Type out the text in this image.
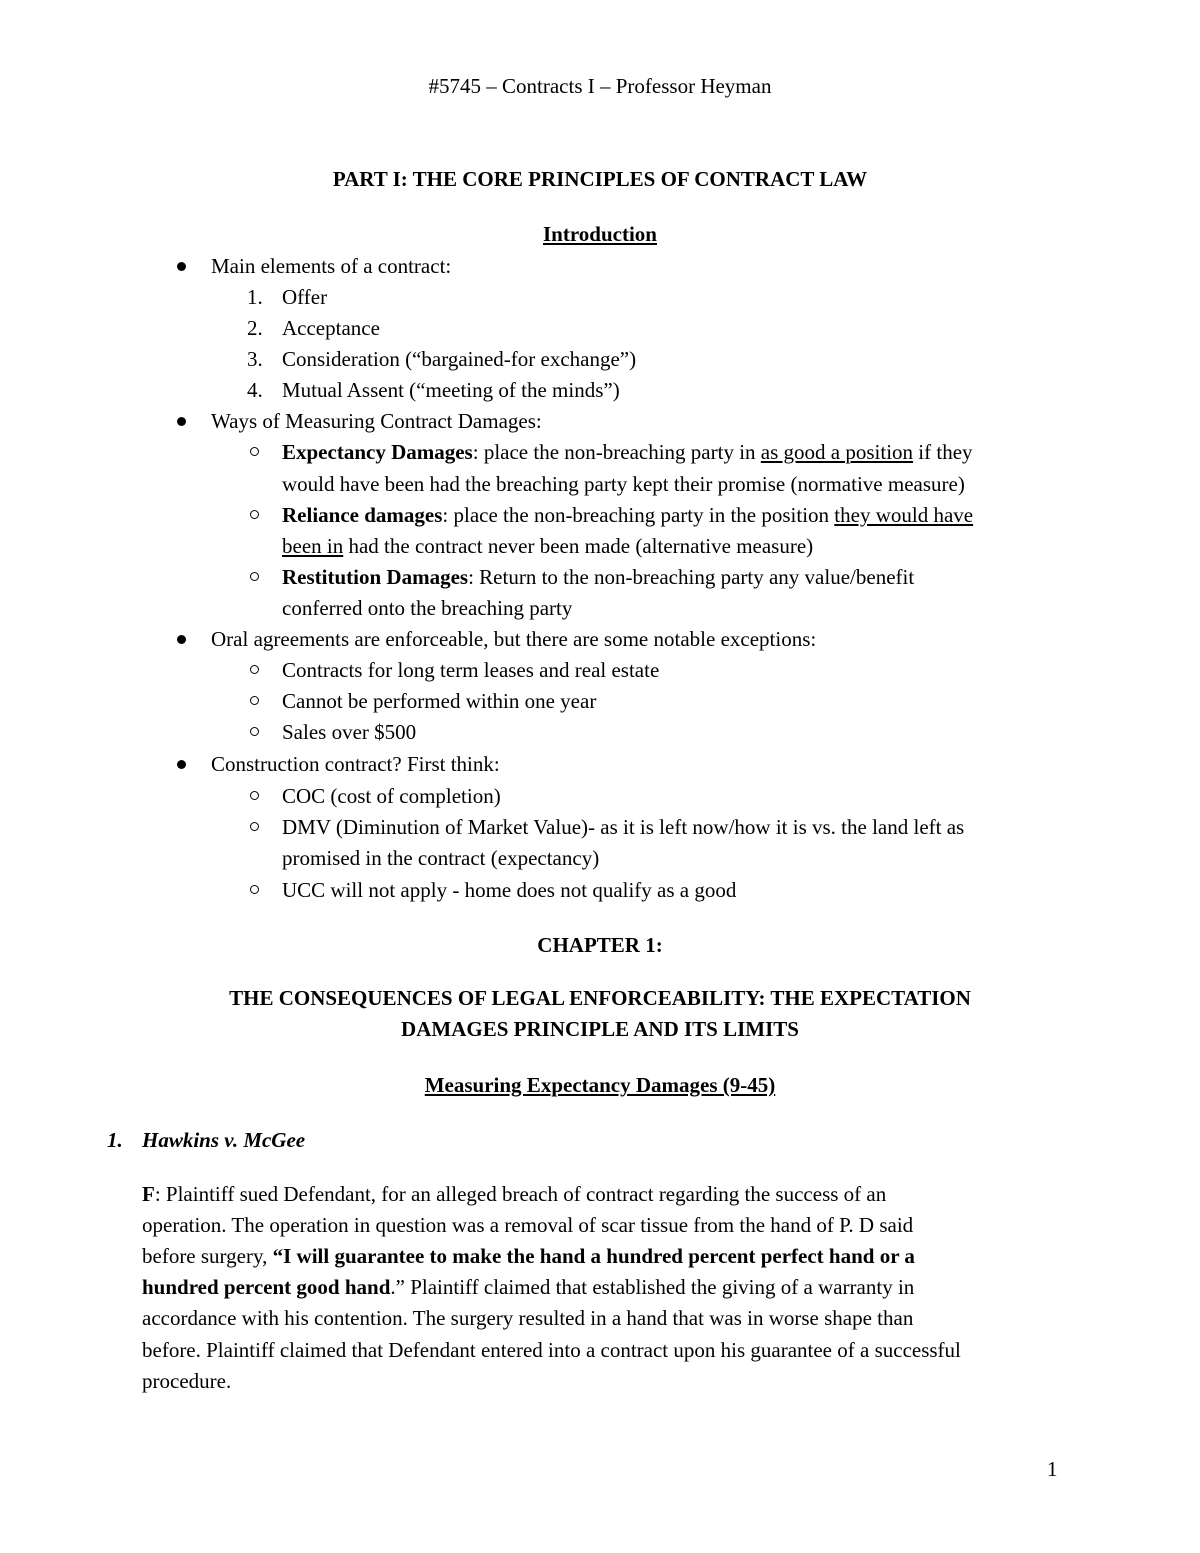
#5745 – Contracts I – Professor Heyman
PART I: THE CORE PRINCIPLES OF CONTRACT LAW
Introduction
Main elements of a contract:
1. Offer
2. Acceptance
3. Consideration (“bargained-for exchange”)
4. Mutual Assent (“meeting of the minds”)
Ways of Measuring Contract Damages:
Expectancy Damages: place the non-breaching party in as good a position if they
would have been had the breaching party kept their promise (normative measure)
Reliance damages: place the non-breaching party in the position they would have
been in had the contract never been made (alternative measure)
Restitution Damages: Return to the non-breaching party any value/benefit
conferred onto the breaching party
Oral agreements are enforceable, but there are some notable exceptions:
Contracts for long term leases and real estate
Cannot be performed within one year
Sales over $500
Construction contract? First think:
COC (cost of completion)
DMV (Diminution of Market Value)- as it is left now/how it is vs. the land left as
promised in the contract (expectancy)
UCC will not apply - home does not qualify as a good
CHAPTER 1:
THE CONSEQUENCES OF LEGAL ENFORCEABILITY: THE EXPECTATION
DAMAGES PRINCIPLE AND ITS LIMITS
Measuring Expectancy Damages (9-45)
1. Hawkins v. McGee
F: Plaintiff sued Defendant, for an alleged breach of contract regarding the success of an
operation. The operation in question was a removal of scar tissue from the hand of P. D said
before surgery, “I will guarantee to make the hand a hundred percent perfect hand or a
hundred percent good hand.” Plaintiff claimed that established the giving of a warranty in
accordance with his contention. The surgery resulted in a hand that was in worse shape than
before. Plaintiff claimed that Defendant entered into a contract upon his guarantee of a successful
procedure.
1
